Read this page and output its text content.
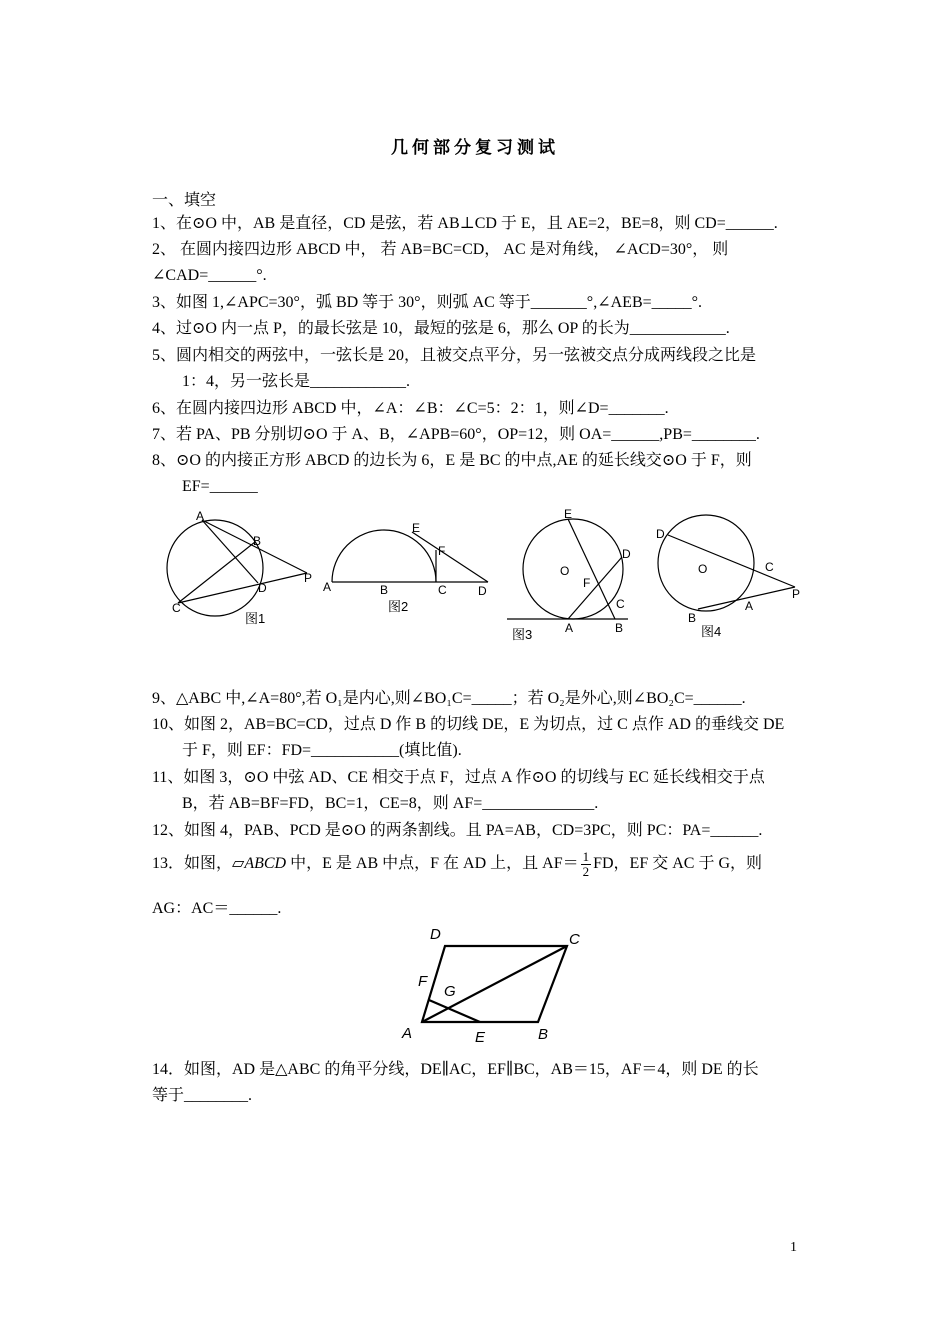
几何部分复习测试
一、填空
1、在⊙O 中，AB 是直径，CD 是弦，若 AB⊥CD 于 E，且 AE=2，BE=8，则 CD=______.
2、 在圆内接四边形 ABCD 中， 若 AB=BC=CD， AC 是对角线， ∠ACD=30°， 则
∠CAD=______°.
3、如图 1,∠APC=30°，弧 BD 等于 30°，则弧 AC 等于_______°,∠AEB=_____°.
4、过⊙O 内一点 P，的最长弦是 10，最短的弦是 6，那么 OP 的长为____________.
5、圆内相交的两弦中，一弦长是 20，且被交点平分，另一弦被交点分成两线段之比是
1：4，另一弦长是____________.
6、在圆内接四边形 ABCD 中，∠A：∠B：∠C=5：2：1，则∠D=_______.
7、若 PA、PB 分别切⊙O 于 A、B，∠APB=60°，OP=12，则 OA=______,PB=________.
8、⊙O 的内接正方形 ABCD 的边长为 6，E 是 BC 的中点,AE 的延长线交⊙O 于 F，则
EF=______
A
B
D
P
C
图1
A	B	C	D
E
F
图2
E
D
O
F
C
A	B
图3
D
O	C
P
A
B
图4
9、△ABC 中,∠A=80°,若 O₁是内心,则∠BO₁C=_____；若 O₂是外心,则∠BO₂C=______.
10、如图 2，AB=BC=CD，过点 D 作 B 的切线 DE，E 为切点，过 C 点作 AD 的垂线交 DE
于 F，则 EF：FD=___________(填比值).
11、如图 3，⊙O 中弦 AD、CE 相交于点 F，过点 A 作⊙O 的切线与 EC 延长线相交于点
B，若 AB=BF=FD，BC=1，CE=8，则 AF=______________.
12、如图 4，PAB、PCD 是⊙O 的两条割线。且 PA=AB，CD=3PC，则 PC：PA=______.
13．如图，▱ABCD 中，E 是 AB 中点，F 在 AD 上，且 $AF= \frac{1}{2}$ FD，EF 交 AC 于 G，则
AG：AC＝______.
D	C
F
G
A	E	B
14．如图，AD 是△ABC 的角平分线，DE∥AC，EF∥BC，AB＝15，AF＝4，则 DE 的长
等于________.
1
